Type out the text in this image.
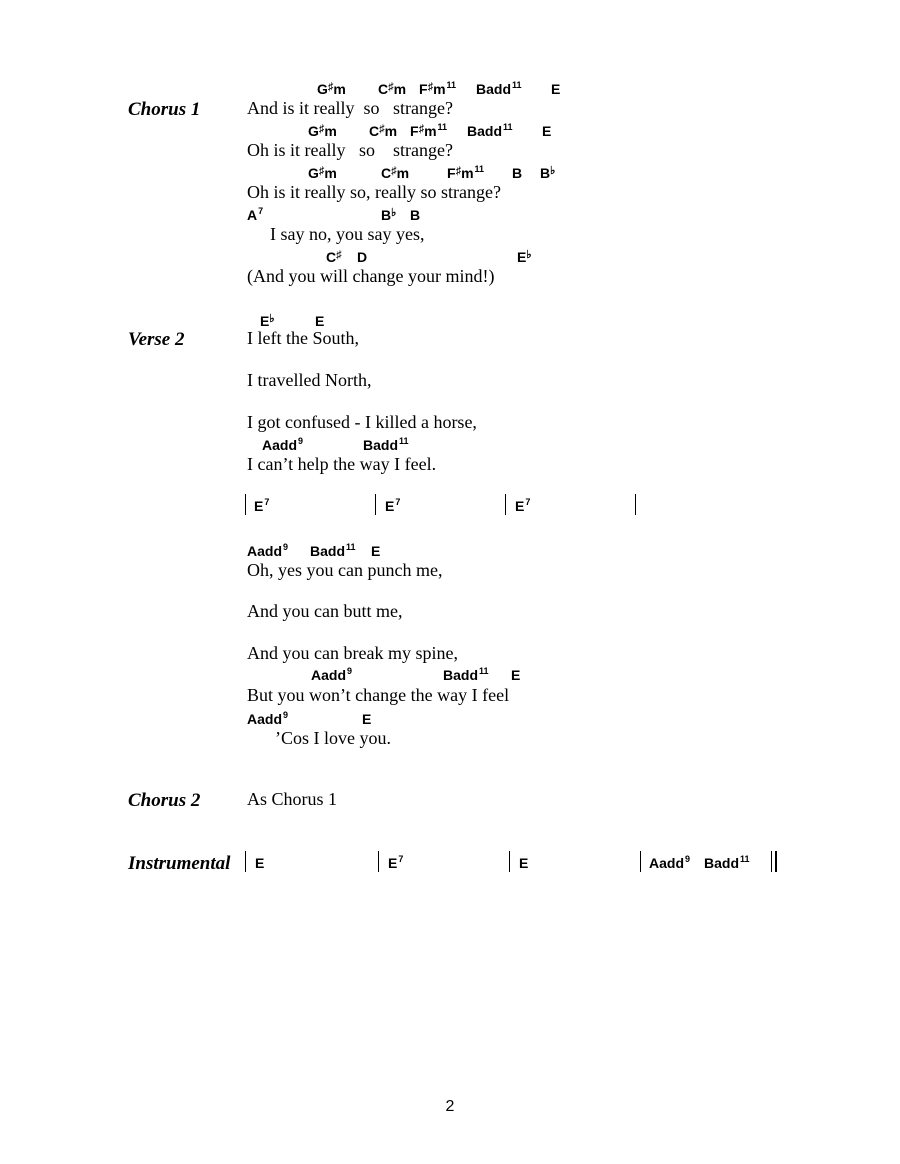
Chorus 1
G♯m C♯m $F^♯m^{11}$ Badd$^{11}$ E
And is it really  so   strange?
G♯m C♯m $F^♯m^{11}$ Badd$^{11}$ E
Oh is it really   so    strange?
G♯m	C♯m	$F^♯m^{11}$ B B♭
Oh is it really so, really so strange?
$A^7$	B♭ B
I say no, you say yes,
C♯ D	E♭
(And you will change your mind!)
Verse 2
E♭	E
I left the South,
I travelled North,
I got confused - I killed a horse,
Aadd$^9$	Badd$^{11}$
I can’t help the way I feel.
$E^7$	$E^7$	$E^7$
Aadd$^9$ Badd$^{11}$ E
Oh, yes you can punch me,
And you can butt me,
And you can break my spine,
Aadd$^9$	Badd$^{11}$ E
But you won’t change the way I feel
Aadd$^9$	E
’Cos I love you.
Chorus 2	As Chorus 1
Instrumental E	$E^7$	E	Aadd$^9$ Badd$^{11}$
2
